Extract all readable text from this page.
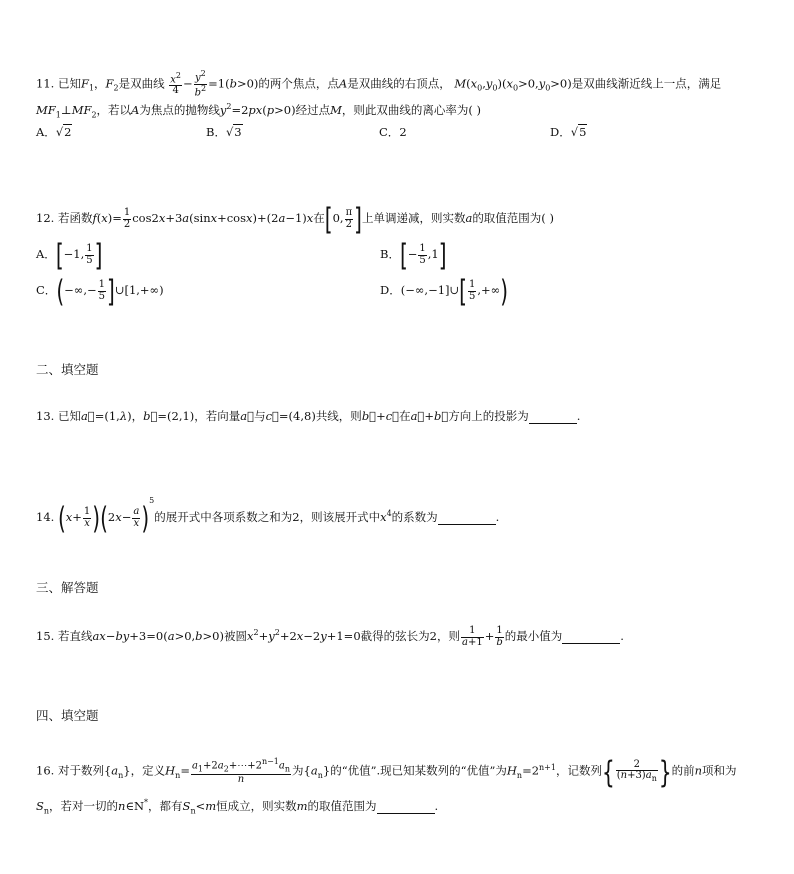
11. 已知$F_1$，$F_2$是双曲线 $\frac{x^2}{4} - \frac{y^2}{b^2} =1(b>0)$的两个焦点，点A是双曲线的右顶点， $M(x_0,y_0)(x_0>0,y_0>0)$是双曲线渐近线上一点，满足
$MF_1\perp MF_2$，若以A为焦点的抛物线$y^2=2px(p>0)$经过点M，则此双曲线的离心率为( )
A．√2	B．√3	C．2	D．√5
12. 若函数$f(x)= \frac{1}{2} \cos 2x+3a(\sin x+\cos x)+(2a-1)x$在[0, $\frac{\pi}{2}$ ]上单调递减，则实数a的取值范围为( )
A．[−1, $\frac{1}{5}$ ]	B．[− $\frac{1}{5} ,1$]
C．(−∞,− $\frac{1}{5}$ ]∪[1,+∞)	D．(−∞,−1]∪[ $\frac{1}{5}$ ,+∞)
二、填空题
13. 已知a⃗=(1,λ)，b⃗=(2,1)，若向量a⃗与c⃗=(4,8)共线，则b⃗+c⃗在a⃗+b⃗方向上的投影为	.
14. $(x+ \frac{1}{x} )(2x- \frac{a}{x} )^5$的展开式中各项系数之和为2，则该展开式中$x^4$的系数为	.
三、解答题
15. 若直线ax−by+3=0(a>0,b>0)被圆$x^2+y^2+2x-2y+1=0$截得的弦长为2，则 $\frac{1}{a+1} + \frac{1}{b}$ 的最小值为	.
四、填空题
16. 对于数列$\{a_n\}$，定义$H_n= \frac{a_1+2a_2+\cdots+2^{n-1}a_n}{n}$ 为$\{a_n\}$的“优值”.现已知某数列的“优值”为$H_n=2^{n+1}$，记数列{ $\frac{2}{(n+3)a_n}$ }的前n项和为
$S_n$，若对一切的n∈N*，都有$S_n<m$恒成立，则实数m的取值范围为	.
